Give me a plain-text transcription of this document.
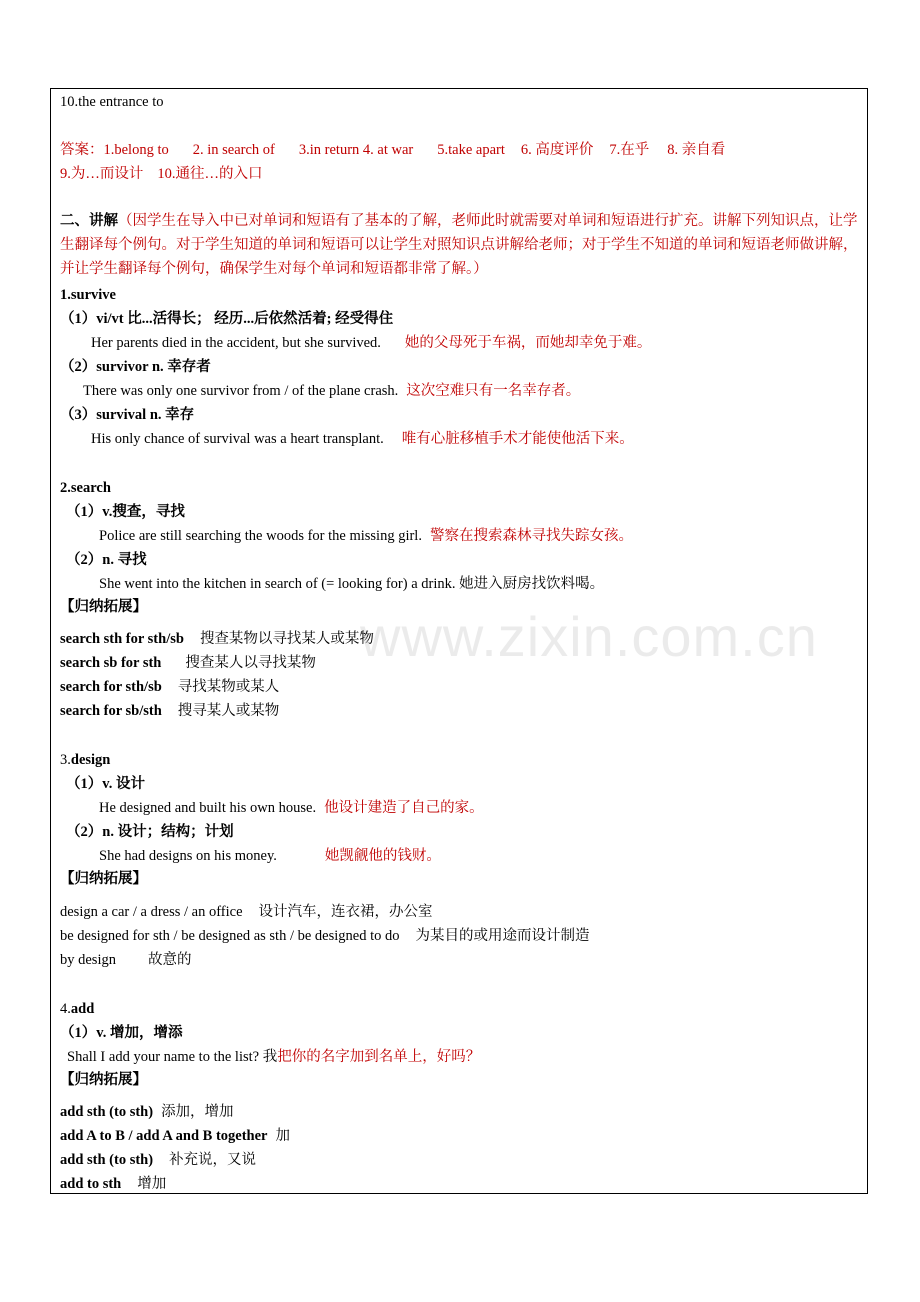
www.zixin.com.cn
10.the entrance to
答案：1.belong to 2. in search of 3.in return 4. at war 5.take apart 6. 高度评价 7.在乎 8. 亲自看
9.为…而设计 10.通往…的入口
二、讲解（因学生在导入中已对单词和短语有了基本的了解，老师此时就需要对单词和短语进行扩充。讲解下列知识点，让学生翻译每个例句。对于学生知道的单词和短语可以让学生对照知识点讲解给老师；对于学生不知道的单词和短语老师做讲解，并让学生翻译每个例句，确保学生对每个单词和短语都非常了解。）
1.survive
（1）vi/vt 比...活得长； 经历...后依然活着; 经受得住
Her parents died in the accident, but she survived. 她的父母死于车祸，而她却幸免于难。
（2）survivor n. 幸存者
There was only one survivor from / of the plane crash. 这次空难只有一名幸存者。
（3）survival n. 幸存
His only chance of survival was a heart transplant. 唯有心脏移植手术才能使他活下来。
2.search
（1）v.搜查，寻找
Police are still searching the woods for the missing girl. 警察在搜索森林寻找失踪女孩。
（2）n. 寻找
She went into the kitchen in search of (= looking for) a drink. 她进入厨房找饮料喝。
【归纳拓展】
search sth for sth/sb 搜查某物以寻找某人或某物
search sb for sth 搜查某人以寻找某物
search for sth/sb 寻找某物或某人
search for sb/sth 搜寻某人或某物
3.design
（1）v. 设计
He designed and built his own house. 他设计建造了自己的家。
（2）n. 设计；结构；计划
She had designs on his money.	她觊觎他的钱财。
【归纳拓展】
design a car / a dress / an office 设计汽车，连衣裙，办公室
be designed for sth / be designed as sth / be designed to do 为某目的或用途而设计制造
by design 故意的
4.add
（1）v. 增加，增添
Shall I add your name to the list? 我把你的名字加到名单上，好吗？
【归纳拓展】
add sth (to sth) 添加，增加
add A to B / add A and B together 加
add sth (to sth) 补充说，又说
add to sth 增加
